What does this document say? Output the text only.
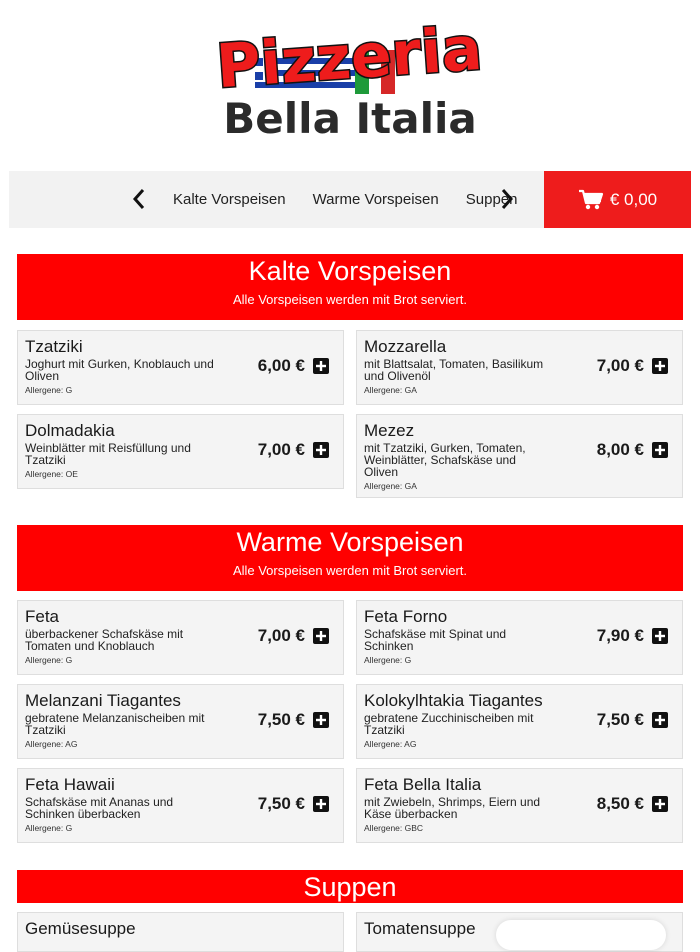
Pizzeria
Bella Italia
Kalte Vorspeisen Warme Vorspeisen Suppen	€ 0,00
Kalte Vorspeisen
Alle Vorspeisen werden mit Brot serviert.
Tzatziki
Joghurt mit Gurken, Knoblauch und Oliven
Allergene: G
6,00 €
Mozzarella
mit Blattsalat, Tomaten, Basilikum und Olivenöl
Allergene: GA
7,00 €
Dolmadakia
Weinblätter mit Reisfüllung und Tzatziki
Allergene: OE
7,00 €
Mezez
mit Tzatziki, Gurken, Tomaten, Weinblätter, Schafskäse und Oliven
Allergene: GA
8,00 €
Warme Vorspeisen
Alle Vorspeisen werden mit Brot serviert.
Feta
überbackener Schafskäse mit Tomaten und Knoblauch
Allergene: G
7,00 €
Feta Forno
Schafskäse mit Spinat und Schinken
Allergene: G
7,90 €
Melanzani Tiagantes
gebratene Melanzanischeiben mit Tzatziki
Allergene: AG
7,50 €
Kolokylhtakia Tiagantes
gebratene Zucchinischeiben mit Tzatziki
Allergene: AG
7,50 €
Feta Hawaii
Schafskäse mit Ananas und Schinken überbacken
Allergene: G
7,50 €
Feta Bella Italia
mit Zwiebeln, Shrimps, Eiern und Käse überbacken
Allergene: GBC
8,50 €
Suppen
Gemüsesuppe	Tomatensuppe
